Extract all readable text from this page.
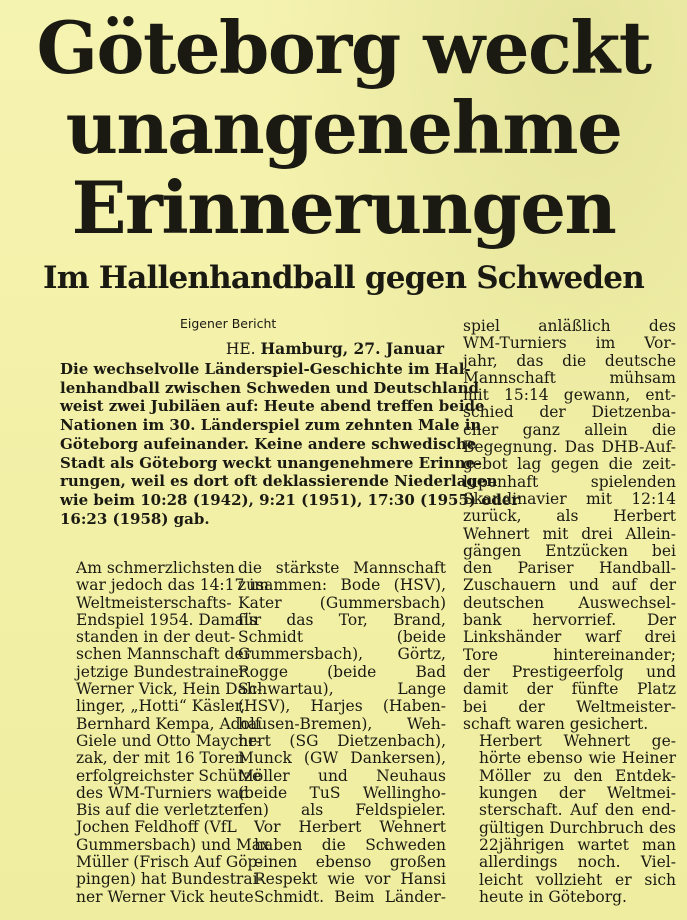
Göteborg weckt
unangenehme
Erinnerungen
Im Hallenhandball gegen Schweden
Eigener Bericht
HE. Hamburg, 27. Januar
Die wechselvolle Länderspiel-Geschichte im Hal-
lenhandball zwischen Schweden und Deutschland
weist zwei Jubiläen auf: Heute abend treffen beide
Nationen im 30. Länderspiel zum zehnten Male in
Göteborg aufeinander. Keine andere schwedische
Stadt als Göteborg weckt unangenehmere Erinne-
rungen, weil es dort oft deklassierende Niederlagen
wie beim 10:28 (1942), 9:21 (1951), 17:30 (1955) oder
16:23 (1958) gab.

Am schmerzlichsten
war jedoch das 14:17 im
Weltmeisterschafts-
Endspiel 1954. Damals
standen in der deut-
schen Mannschaft der
jetzige Bundestrainer
Werner Vick, Hein Dah-
linger, „Hotti“ Käsler,
Bernhard Kempa, Adolf
Giele und Otto Maychr-
zak, der mit 16 Toren
erfolgreichster Schütze
des WM-Turniers war.

Bis auf die verletzten
Jochen Feldhoff (VfL
Gummersbach) und Max
Müller (Frisch Auf Göp-
pingen) hat Bundestrai-
ner Werner Vick heute

die stärkste Mannschaft
zusammen: Bode (HSV),
Kater (Gummersbach)
für das Tor, Brand,
Schmidt (beide
Gummersbach), Görtz,
Rogge (beide Bad
Schwartau), Lange
(HSV), Harjes (Haben-
hausen-Bremen), Weh-
nert (SG Dietzenbach),
Munck (GW Dankersen),
Möller und Neuhaus
(beide TuS Wellingho-
fen) als Feldspieler.

Vor Herbert Wehnert
haben die Schweden
einen ebenso großen
Respekt wie vor Hansi
Schmidt. Beim Länder-

spiel anläßlich des
WM-Turniers im Vor-
jahr, das die deutsche
Mannschaft mühsam
mit 15:14 gewann, ent-
schied der Dietzenba-
cher ganz allein die
Begegnung. Das DHB-Auf-
gebot lag gegen die zeit-
lupenhaft spielenden
Skandinavier mit 12:14
zurück, als Herbert
Wehnert mit drei Allein-
gängen Entzücken bei
den Pariser Handball-
Zuschauern und auf der
deutschen Auswechsel-
bank hervorrief. Der
Linkshänder warf drei
Tore hintereinander;
der Prestigeerfolg und
damit der fünfte Platz
bei der Weltmeister-
schaft waren gesichert.

Herbert Wehnert ge-
hörte ebenso wie Heiner
Möller zu den Entdek-
kungen der Weltmei-
sterschaft. Auf den end-
gültigen Durchbruch des
22jährigen wartet man
allerdings noch. Viel-
leicht vollzieht er sich
heute in Göteborg.
